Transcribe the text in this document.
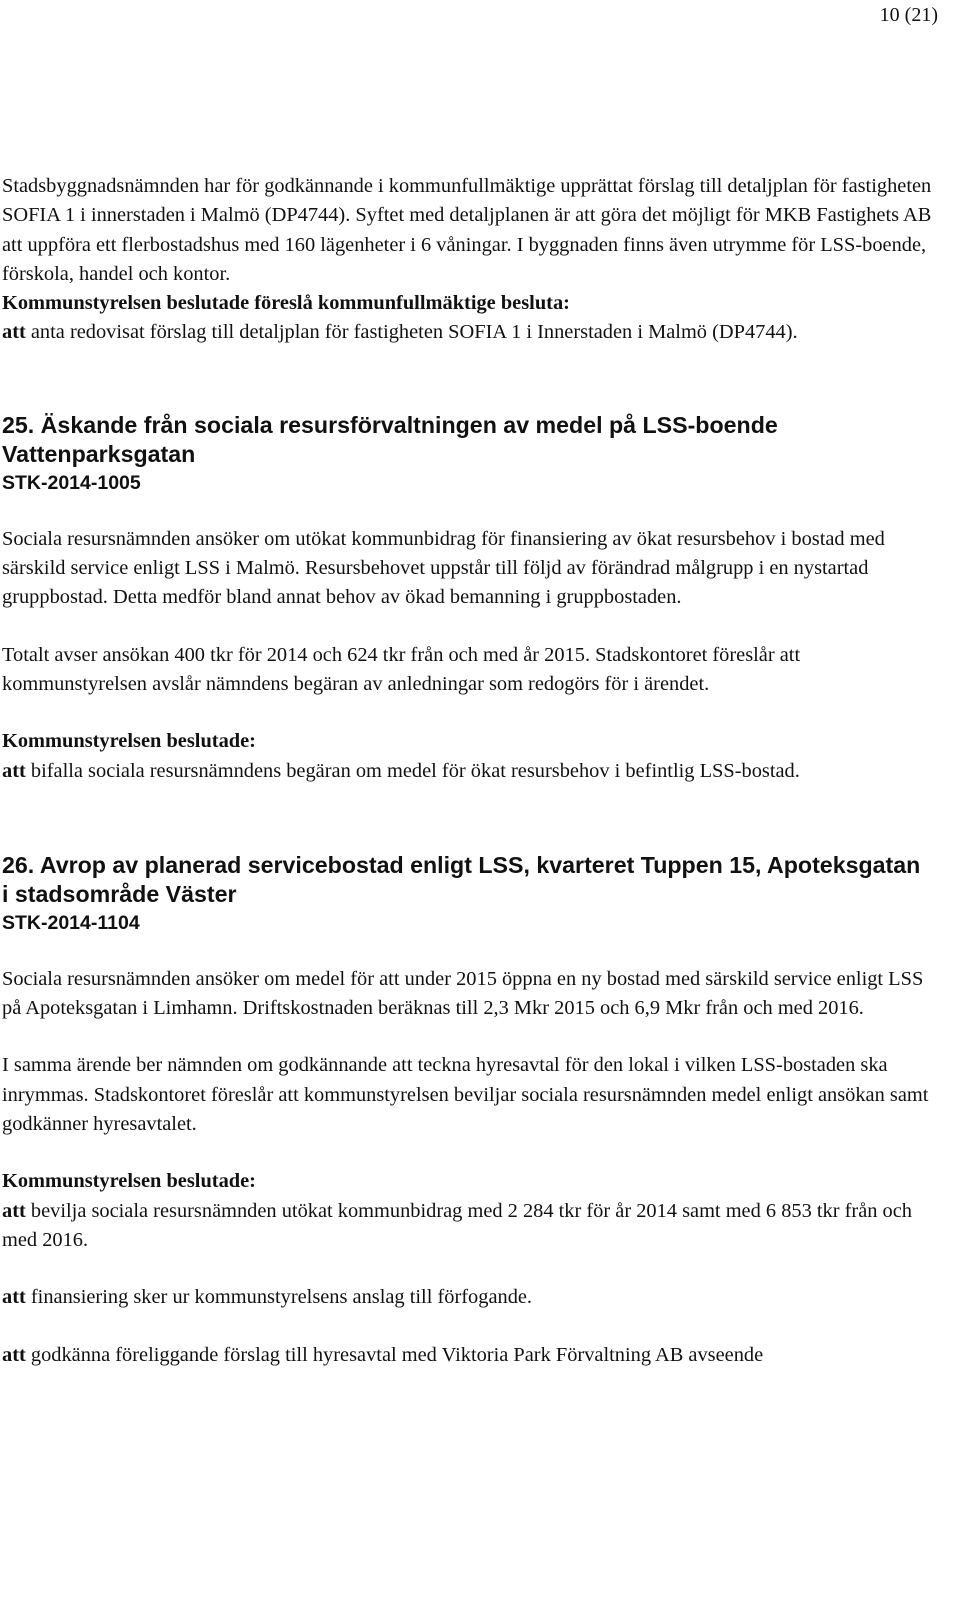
10 (21)

Stadsbyggnadsnämnden har för godkännande i kommunfullmäktige upprättat förslag till detaljplan för fastigheten SOFIA 1 i innerstaden i Malmö (DP4744). Syftet med detaljplanen är att göra det möjligt för MKB Fastighets AB att uppföra ett flerbostadshus med 160 lägenheter i 6 våningar. I byggnaden finns även utrymme för LSS-boende, förskola, handel och kontor.

Kommunstyrelsen beslutade föreslå kommunfullmäktige besluta:

att anta redovisat förslag till detaljplan för fastigheten SOFIA 1 i Innerstaden i Malmö (DP4744).

25. Äskande från sociala resursförvaltningen av medel på LSS-boende Vattenparksgatan
STK-2014-1005

Sociala resursnämnden ansöker om utökat kommunbidrag för finansiering av ökat resursbehov i bostad med särskild service enligt LSS i Malmö. Resursbehovet uppstår till följd av förändrad målgrupp i en nystartad gruppbostad. Detta medför bland annat behov av ökad bemanning i gruppbostaden.

Totalt avser ansökan 400 tkr för 2014 och 624 tkr från och med år 2015. Stadskontoret föreslår att kommunstyrelsen avslår nämndens begäran av anledningar som redogörs för i ärendet.

Kommunstyrelsen beslutade:

att bifalla sociala resursnämndens begäran om medel för ökat resursbehov i befintlig LSS-bostad.

26. Avrop av planerad servicebostad enligt LSS, kvarteret Tuppen 15, Apoteksgatan i stadsområde Väster
STK-2014-1104

Sociala resursnämnden ansöker om medel för att under 2015 öppna en ny bostad med särskild service enligt LSS på Apoteksgatan i Limhamn. Driftskostnaden beräknas till 2,3 Mkr 2015 och 6,9 Mkr från och med 2016.

I samma ärende ber nämnden om godkännande att teckna hyresavtal för den lokal i vilken LSS-bostaden ska inrymmas. Stadskontoret föreslår att kommunstyrelsen beviljar sociala resursnämnden medel enligt ansökan samt godkänner hyresavtalet.

Kommunstyrelsen beslutade:

att bevilja sociala resursnämnden utökat kommunbidrag med 2 284 tkr för år 2014 samt med 6 853 tkr från och med 2016.

att finansiering sker ur kommunstyrelsens anslag till förfogande.

att godkänna föreliggande förslag till hyresavtal med Viktoria Park Förvaltning AB avseende
